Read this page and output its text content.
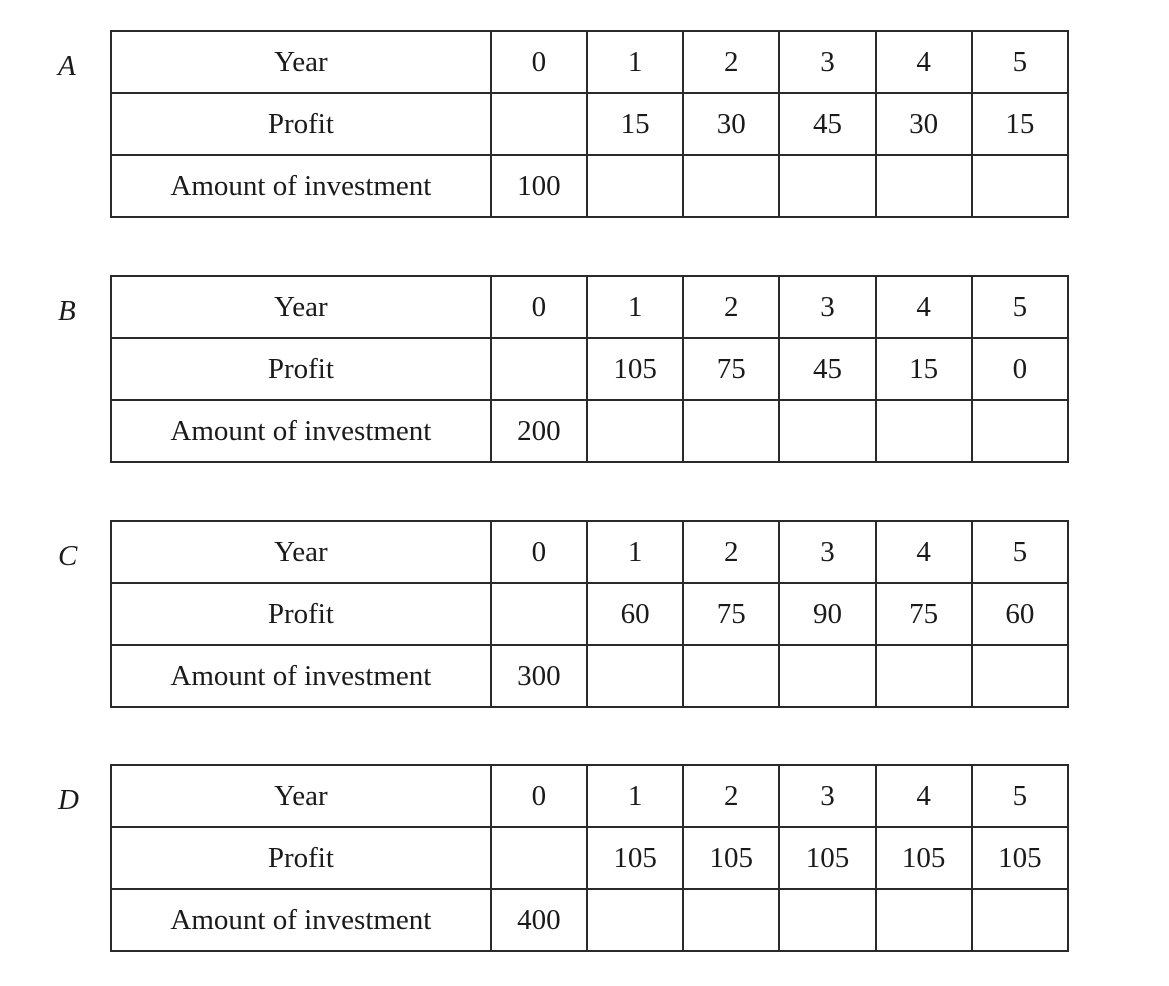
A	Year	0	1	2	3	4	5
Profit		15	30	45	30	15
Amount of investment	100					
B	Year	0	1	2	3	4	5
Profit		105	75	45	15	0
Amount of investment	200					
C	Year	0	1	2	3	4	5
Profit		60	75	90	75	60
Amount of investment	300					
D	Year	0	1	2	3	4	5
Profit		105	105	105	105	105
Amount of investment	400					
